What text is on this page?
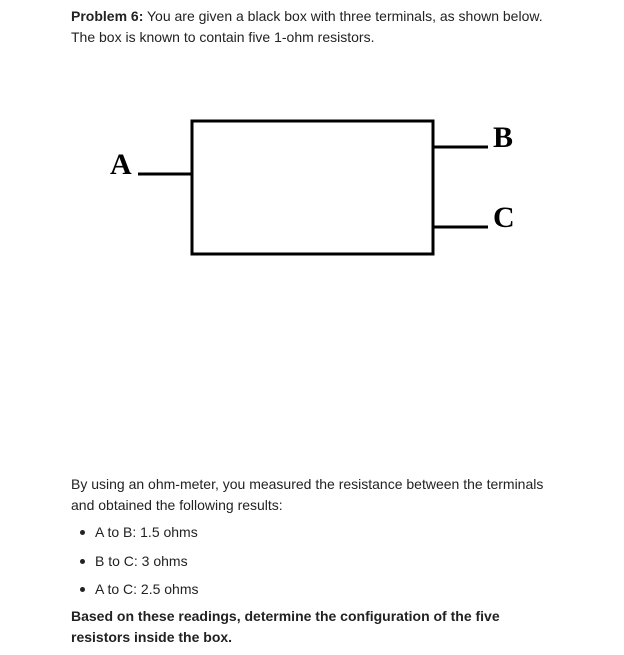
Problem 6: You are given a black box with three terminals, as shown below. The box is known to contain five 1-ohm resistors.

A
B
C

By using an ohm-meter, you measured the resistance between the terminals and obtained the following results:

A to B: 1.5 ohms
B to C: 3 ohms
A to C: 2.5 ohms

Based on these readings, determine the configuration of the five resistors inside the box.
